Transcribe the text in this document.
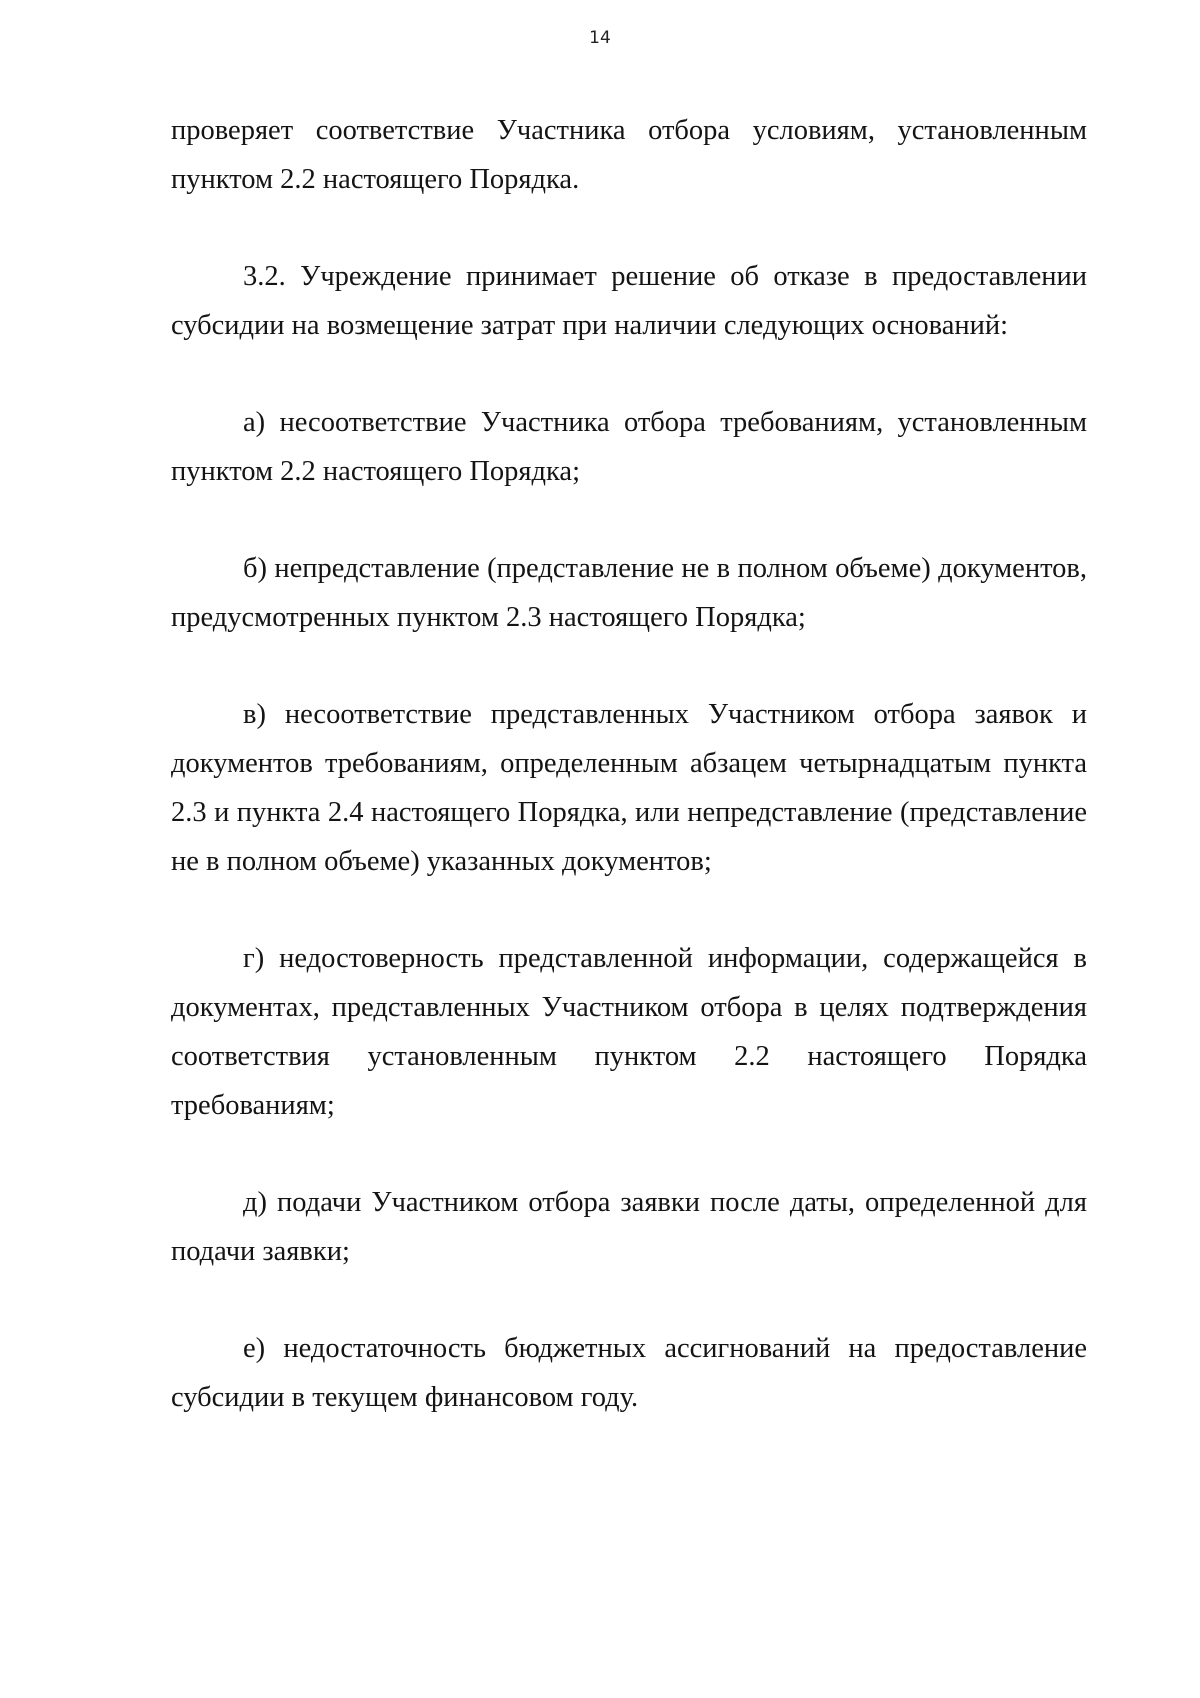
14

проверяет соответствие Участника отбора условиям, установленным пунктом 2.2 настоящего Порядка.

3.2. Учреждение принимает решение об отказе в предоставлении субсидии на возмещение затрат при наличии следующих оснований:

а) несоответствие Участника отбора требованиям, установленным пунктом 2.2 настоящего Порядка;

б) непредставление (представление не в полном объеме) документов, предусмотренных пунктом 2.3 настоящего Порядка;

в) несоответствие представленных Участником отбора заявок и документов требованиям, определенным абзацем четырнадцатым пункта 2.3 и пункта 2.4 настоящего Порядка, или непредставление (представление не в полном объеме) указанных документов;

г) недостоверность представленной информации, содержащейся в документах, представленных Участником отбора в целях подтверждения соответствия установленным пунктом 2.2 настоящего Порядка требованиям;

д) подачи Участником отбора заявки после даты, определенной для подачи заявки;

е) недостаточность бюджетных ассигнований на предоставление субсидии в текущем финансовом году.
